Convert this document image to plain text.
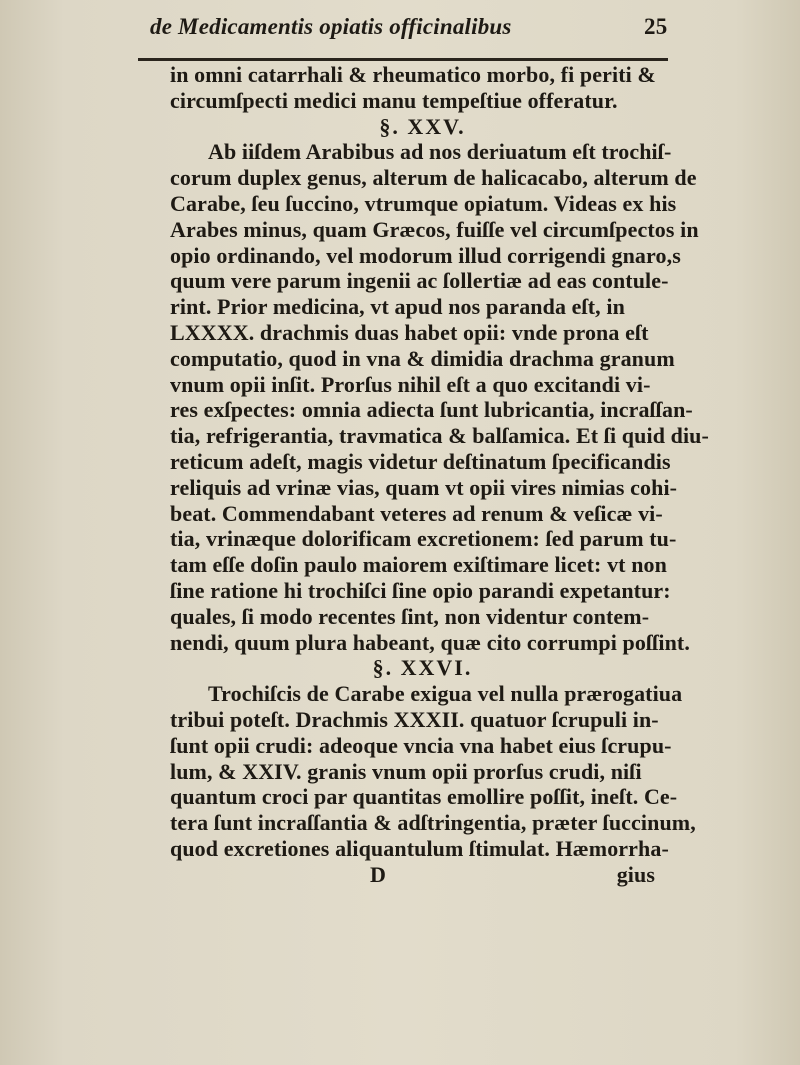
de Medicamentis opiatis officinalibus	25
in omni catarrhali & rheumatico morbo, fi periti &
circumſpecti medici manu tempeſtiue offeratur.
§. XXV.
Ab iiſdem Arabibus ad nos deriuatum eſt trochiſ-
corum duplex genus, alterum de halicacabo, alterum de
Carabe, ſeu ſuccino, vtrumque opiatum. Videas ex his
Arabes minus, quam Græcos, fuiſſe vel circumſpectos in
opio ordinando, vel modorum illud corrigendi gnaro,s
quum vere parum ingenii ac ſollertiæ ad eas contule-
rint. Prior medicina, vt apud nos paranda eſt, in
LXXXX. drachmis duas habet opii: vnde prona eſt
computatio, quod in vna & dimidia drachma granum
vnum opii inſit. Prorſus nihil eſt a quo excitandi vi-
res exſpectes: omnia adiecta ſunt lubricantia, incraſſan-
tia, refrigerantia, travmatica & balſamica. Et ſi quid diu-
reticum adeſt, magis videtur deſtinatum ſpecificandis
reliquis ad vrinæ vias, quam vt opii vires nimias cohi-
beat. Commendabant veteres ad renum & veſicæ vi-
tia, vrinæque dolorificam excretionem: ſed parum tu-
tam eſſe doſin paulo maiorem exiſtimare licet: vt non
ſine ratione hi trochiſci ſine opio parandi expetantur:
quales, ſi modo recentes ſint, non videntur contem-
nendi, quum plura habeant, quæ cito corrumpi poſſint.
§. XXVI.
Trochiſcis de Carabe exigua vel nulla prærogatiua
tribui poteſt. Drachmis XXXII. quatuor ſcrupuli in-
ſunt opii crudi: adeoque vncia vna habet eius ſcrupu-
lum, & XXIV. granis vnum opii prorſus crudi, niſi
quantum croci par quantitas emollire poſſit, ineſt. Ce-
tera ſunt incraſſantia & adſtringentia, præter ſuccinum,
quod excretiones aliquantulum ſtimulat. Hæmorrha-
D	gius
